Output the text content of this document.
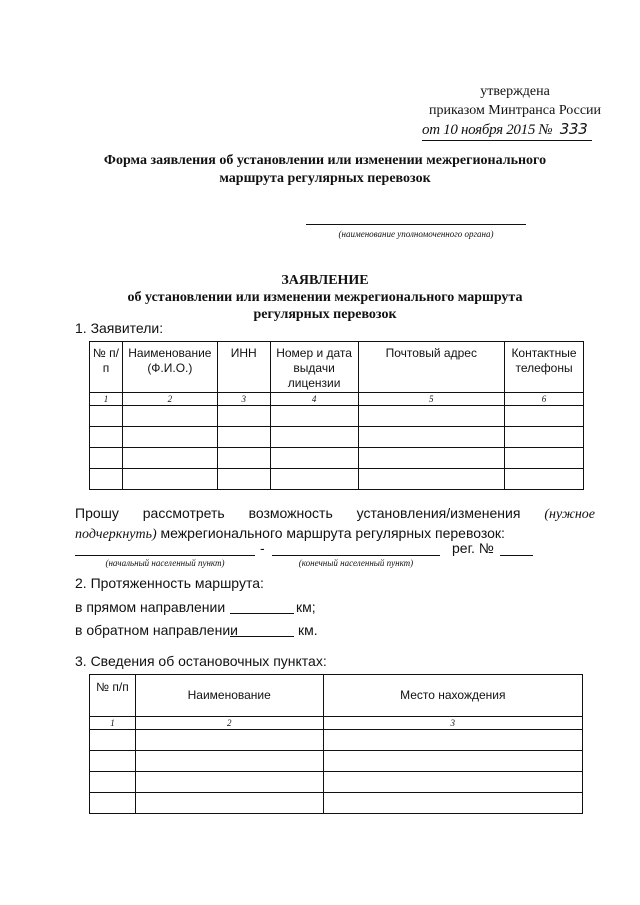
утверждена
приказом Минтранса России
от 10 ноября 2015 № 333
Форма заявления об установлении или изменении межрегионального маршрута регулярных перевозок
(наименование уполномоченного органа)
ЗАЯВЛЕНИЕ
об установлении или изменении межрегионального маршрута регулярных перевозок
1. Заявители:
№ п/п	Наименование (Ф.И.О.)	ИНН	Номер и дата выдачи лицензии	Почтовый адрес	Контактные телефоны
1	2	3	4	5	6

Прошу рассмотреть возможность установления/изменения (нужное подчеркнуть) межрегионального маршрута регулярных перевозок:
-	рег. №
(начальный населенный пункт)	(конечный населенный пункт)
2. Протяженность маршрута:
в прямом направлении	км;
в обратном направлении	км.
3. Сведения об остановочных пунктах:
№ п/п	Наименование	Место нахождения
1	2	3
